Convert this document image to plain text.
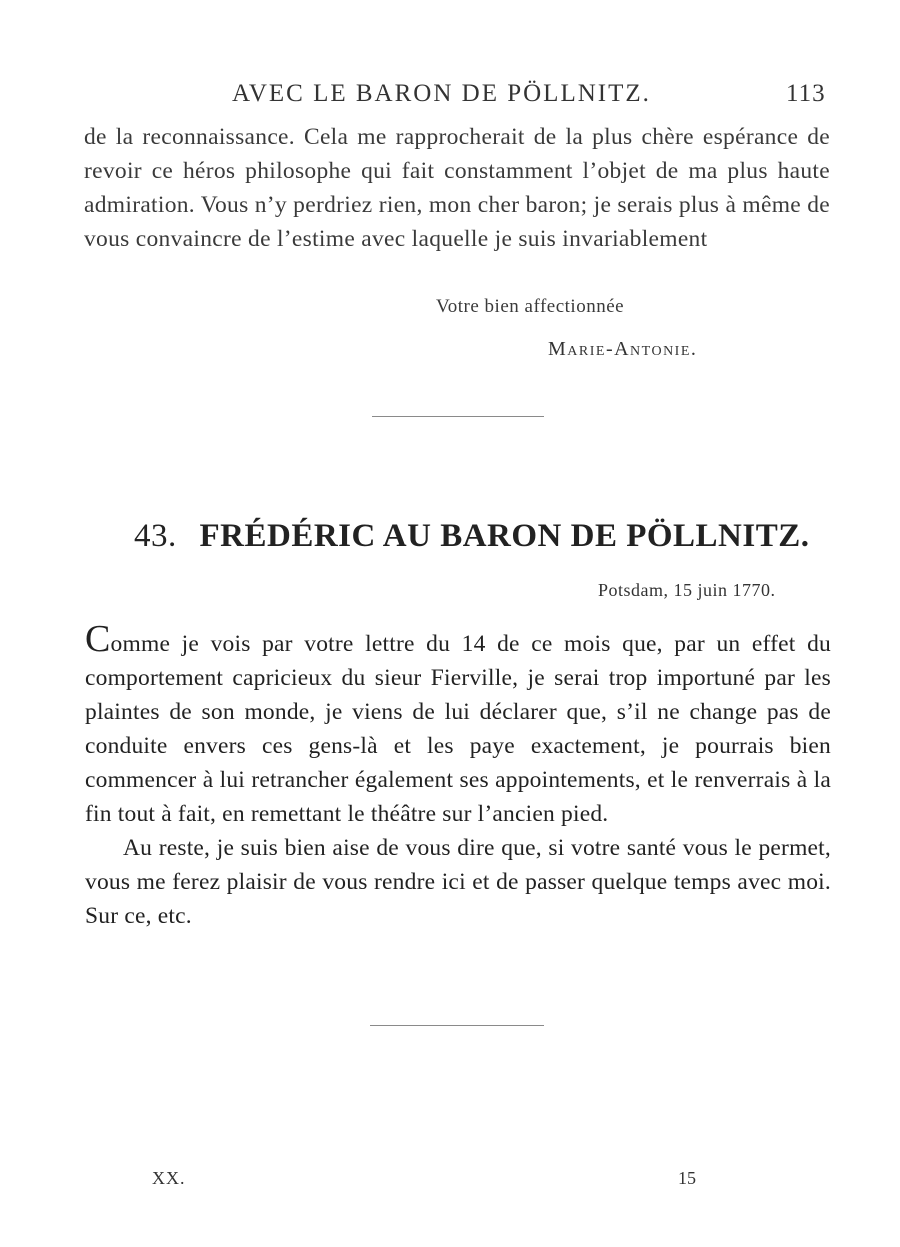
AVEC LE BARON DE PÖLLNITZ.	113
de la reconnaissance. Cela me rapprocherait de la plus chère espérance de revoir ce héros philosophe qui fait constamment l’objet de ma plus haute admiration. Vous n’y perdriez rien, mon cher baron; je serais plus à même de vous convaincre de l’estime avec laquelle je suis invariablement
Votre bien affectionnée
Marie-Antonie.
43. FRÉDÉRIC AU BARON DE PÖLLNITZ.
Potsdam, 15 juin 1770.

Comme je vois par votre lettre du 14 de ce mois que, par un effet du comportement capricieux du sieur Fierville, je serai trop importuné par les plaintes de son monde, je viens de lui déclarer que, s’il ne change pas de conduite envers ces gens-là et les paye exactement, je pourrais bien commencer à lui retrancher également ses appointements, et le renverrais à la fin tout à fait, en remettant le théâtre sur l’ancien pied.

Au reste, je suis bien aise de vous dire que, si votre santé vous le permet, vous me ferez plaisir de vous rendre ici et de passer quelque temps avec moi. Sur ce, etc.

XX.	15
